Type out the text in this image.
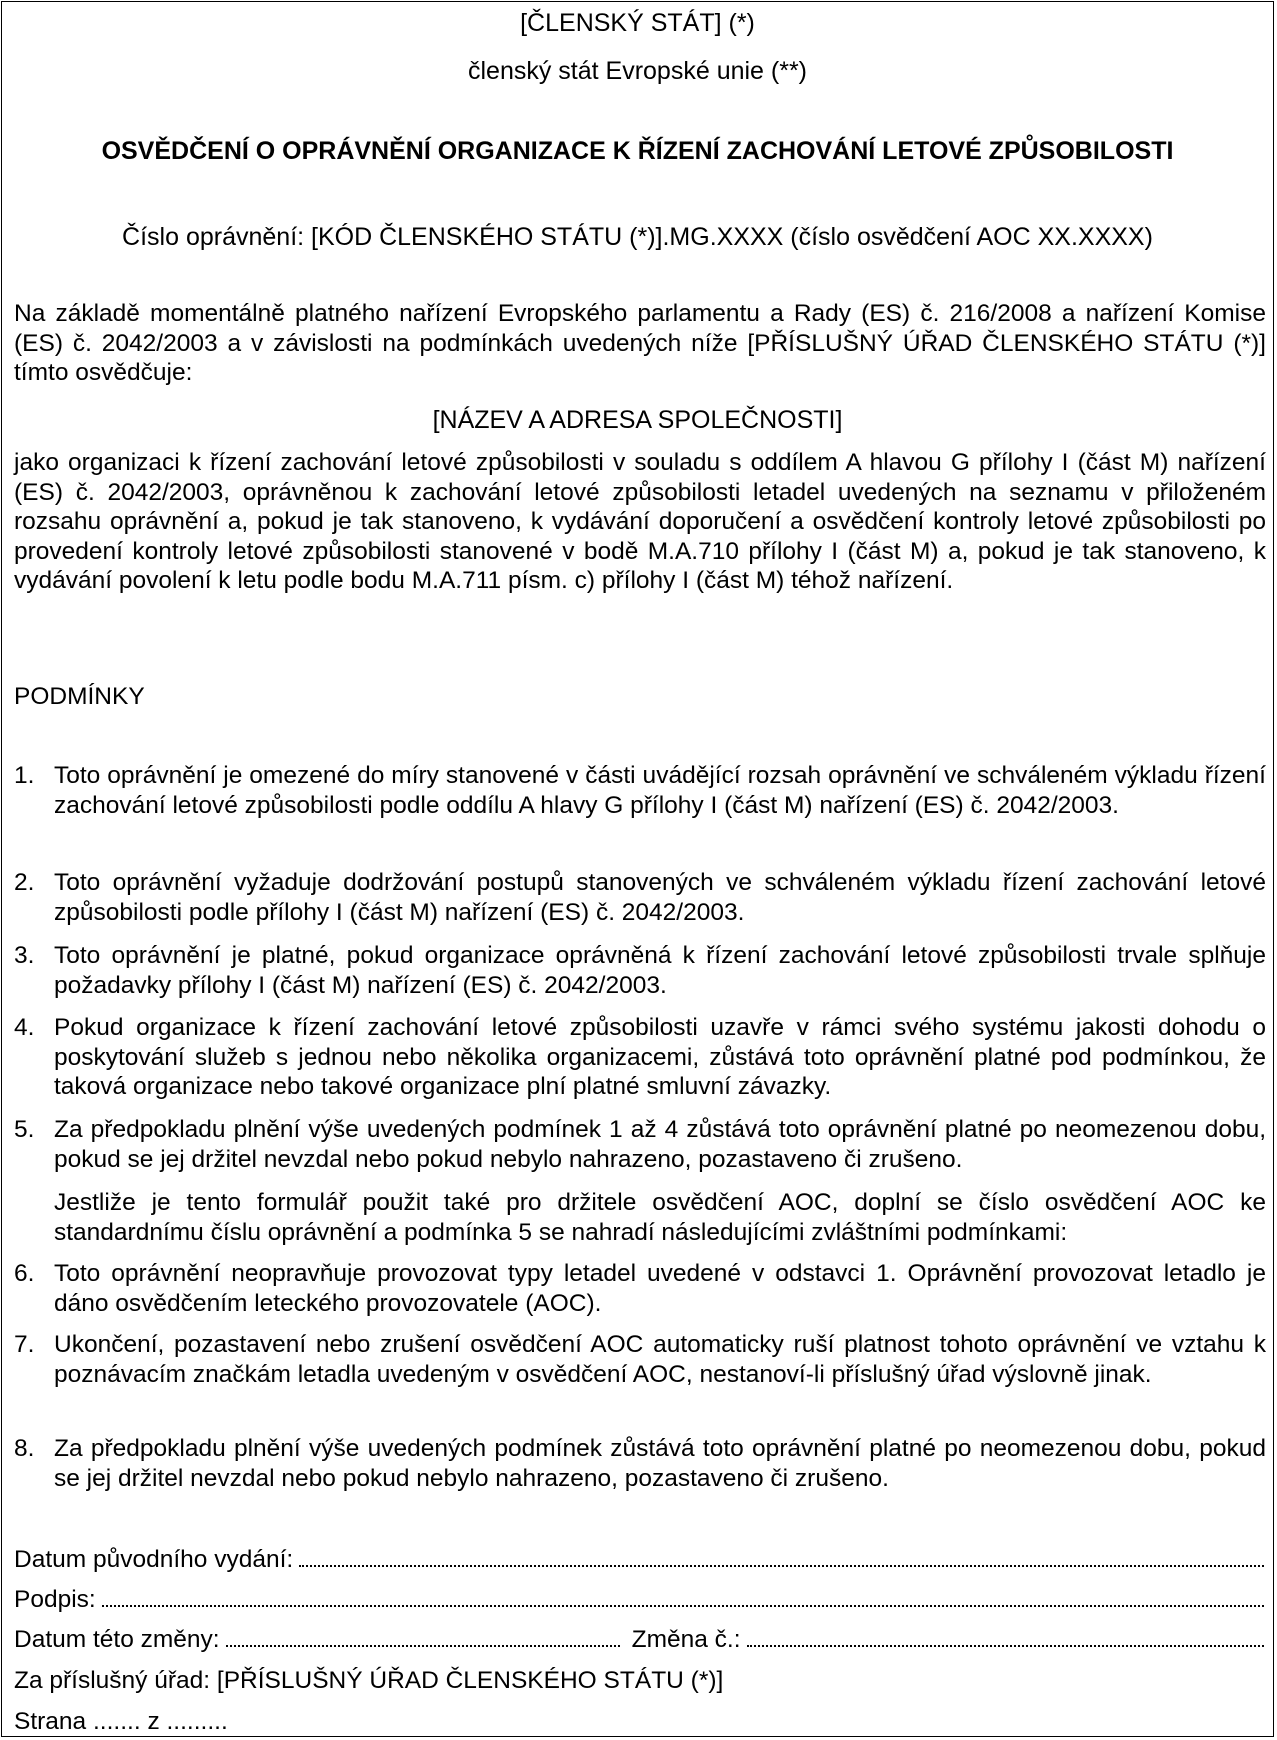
[ČLENSKÝ STÁT] (*)
členský stát Evropské unie (**)
OSVĚDČENÍ O OPRÁVNĚNÍ ORGANIZACE K ŘÍZENÍ ZACHOVÁNÍ LETOVÉ ZPŮSOBILOSTI
Číslo oprávnění: [KÓD ČLENSKÉHO STÁTU (*)].MG.XXXX (číslo osvědčení AOC XX.XXXX)
Na základě momentálně platného nařízení Evropského parlamentu a Rady (ES) č. 216/2008 a nařízení Komise (ES) č. 2042/2003 a v závislosti na podmínkách uvedených níže [PŘÍSLUŠNÝ ÚŘAD ČLENSKÉHO STÁTU (*)] tímto osvědčuje:
[NÁZEV A ADRESA SPOLEČNOSTI]
jako organizaci k řízení zachování letové způsobilosti v souladu s oddílem A hlavou G přílohy I (část M) nařízení (ES) č. 2042/2003, oprávněnou k zachování letové způsobilosti letadel uvedených na seznamu v přiloženém rozsahu oprávnění a, pokud je tak stanoveno, k vydávání doporučení a osvědčení kontroly letové způsobilosti po provedení kontroly letové způsobilosti stanovené v bodě M.A.710 přílohy I (část M) a, pokud je tak stanoveno, k vydávání povolení k letu podle bodu M.A.711 písm. c) přílohy I (část M) téhož nařízení.
PODMÍNKY
1. Toto oprávnění je omezené do míry stanovené v části uvádějící rozsah oprávnění ve schváleném výkladu řízení zachování letové způsobilosti podle oddílu A hlavy G přílohy I (část M) nařízení (ES) č. 2042/2003.
2. Toto oprávnění vyžaduje dodržování postupů stanovených ve schváleném výkladu řízení zachování letové způsobilosti podle přílohy I (část M) nařízení (ES) č. 2042/2003.
3. Toto oprávnění je platné, pokud organizace oprávněná k řízení zachování letové způsobilosti trvale splňuje požadavky přílohy I (část M) nařízení (ES) č. 2042/2003.
4. Pokud organizace k řízení zachování letové způsobilosti uzavře v rámci svého systému jakosti dohodu o poskytování služeb s jednou nebo několika organizacemi, zůstává toto oprávnění platné pod podmínkou, že taková organizace nebo takové organizace plní platné smluvní závazky.
5. Za předpokladu plnění výše uvedených podmínek 1 až 4 zůstává toto oprávnění platné po neomezenou dobu, pokud se jej držitel nevzdal nebo pokud nebylo nahrazeno, pozastaveno či zrušeno.
Jestliže je tento formulář použit také pro držitele osvědčení AOC, doplní se číslo osvědčení AOC ke standardnímu číslu oprávnění a podmínka 5 se nahradí následujícími zvláštními podmínkami:
6. Toto oprávnění neopravňuje provozovat typy letadel uvedené v odstavci 1. Oprávnění provozovat letadlo je dáno osvědčením leteckého provozovatele (AOC).
7. Ukončení, pozastavení nebo zrušení osvědčení AOC automaticky ruší platnost tohoto oprávnění ve vztahu k poznávacím značkám letadla uvedeným v osvědčení AOC, nestanoví-li příslušný úřad výslovně jinak.
8. Za předpokladu plnění výše uvedených podmínek zůstává toto oprávnění platné po neomezenou dobu, pokud se jej držitel nevzdal nebo pokud nebylo nahrazeno, pozastaveno či zrušeno.
Datum původního vydání:
Podpis:
Datum této změny:	Změna č.:
Za příslušný úřad: [PŘÍSLUŠNÝ ÚŘAD ČLENSKÉHO STÁTU (*)]
Strana ....... z .........
